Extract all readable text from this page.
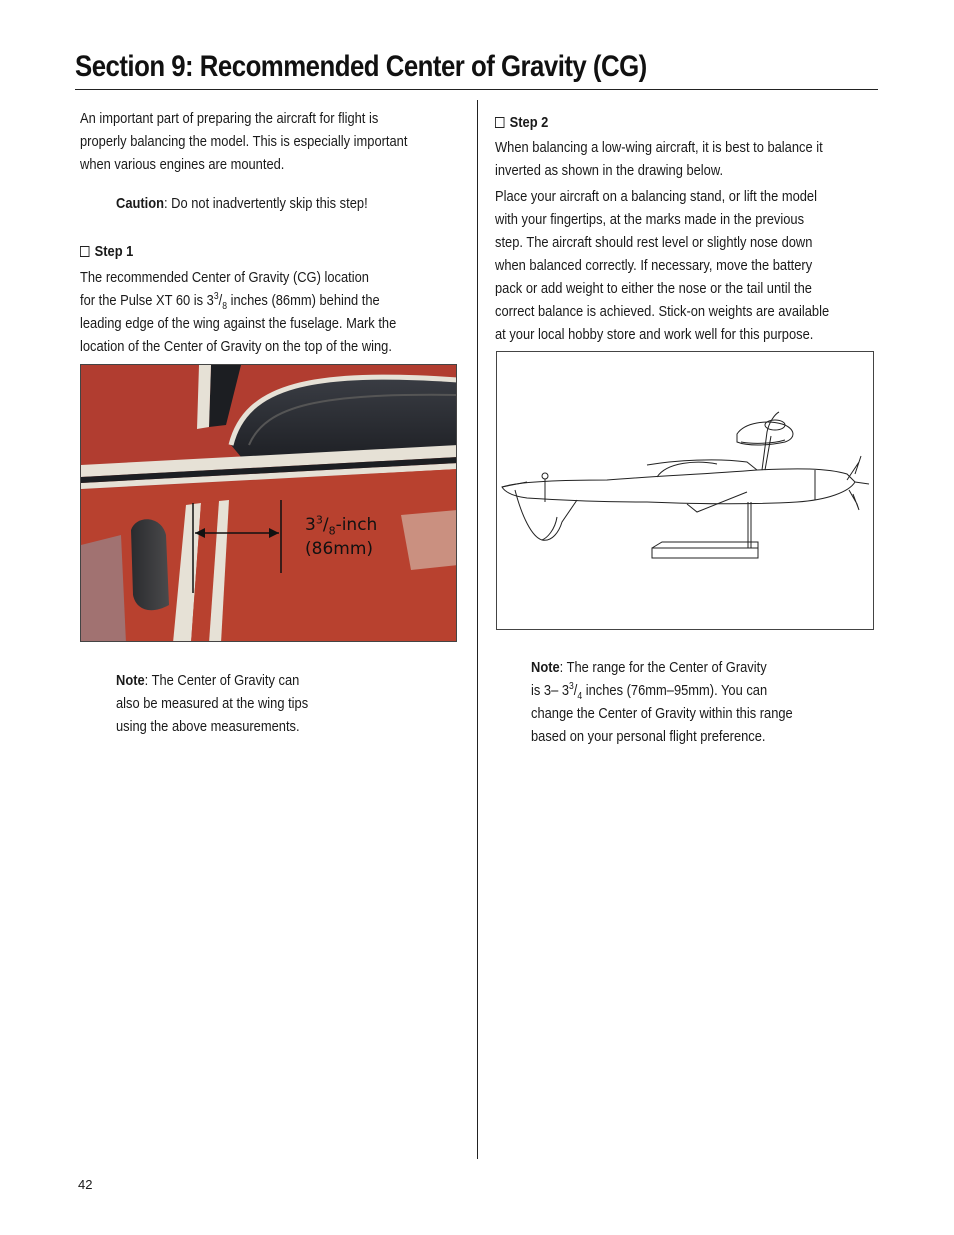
Section 9: Recommended Center of Gravity (CG)

An important part of preparing the aircraft for flight is

properly balancing the model. This is especially important

when various engines are mounted.

Caution: Do not inadvertently skip this step!

Step 1

The recommended Center of Gravity (CG) location

for the Pulse XT 60 is $3^3/_8$ inches (86mm) behind the

leading edge of the wing against the fuselage. Mark the

location of the Center of Gravity on the top of the wing.

$3^3/_8$-inch
(86mm)

Note: The Center of Gravity can

also be measured at the wing tips

using the above measurements.

Step 2

When balancing a low-wing aircraft, it is best to balance it

inverted as shown in the drawing below.

Place your aircraft on a balancing stand, or lift the model

with your fingertips, at the marks made in the previous

step. The aircraft should rest level or slightly nose down

when balanced correctly. If necessary, move the battery

pack or add weight to either the nose or the tail until the

correct balance is achieved. Stick-on weights are available

at your local hobby store and work well for this purpose.

Note: The range for the Center of Gravity

is 3– $3^3/_4$ inches (76mm–95mm). You can

change the Center of Gravity within this range

based on your personal flight preference.

42
